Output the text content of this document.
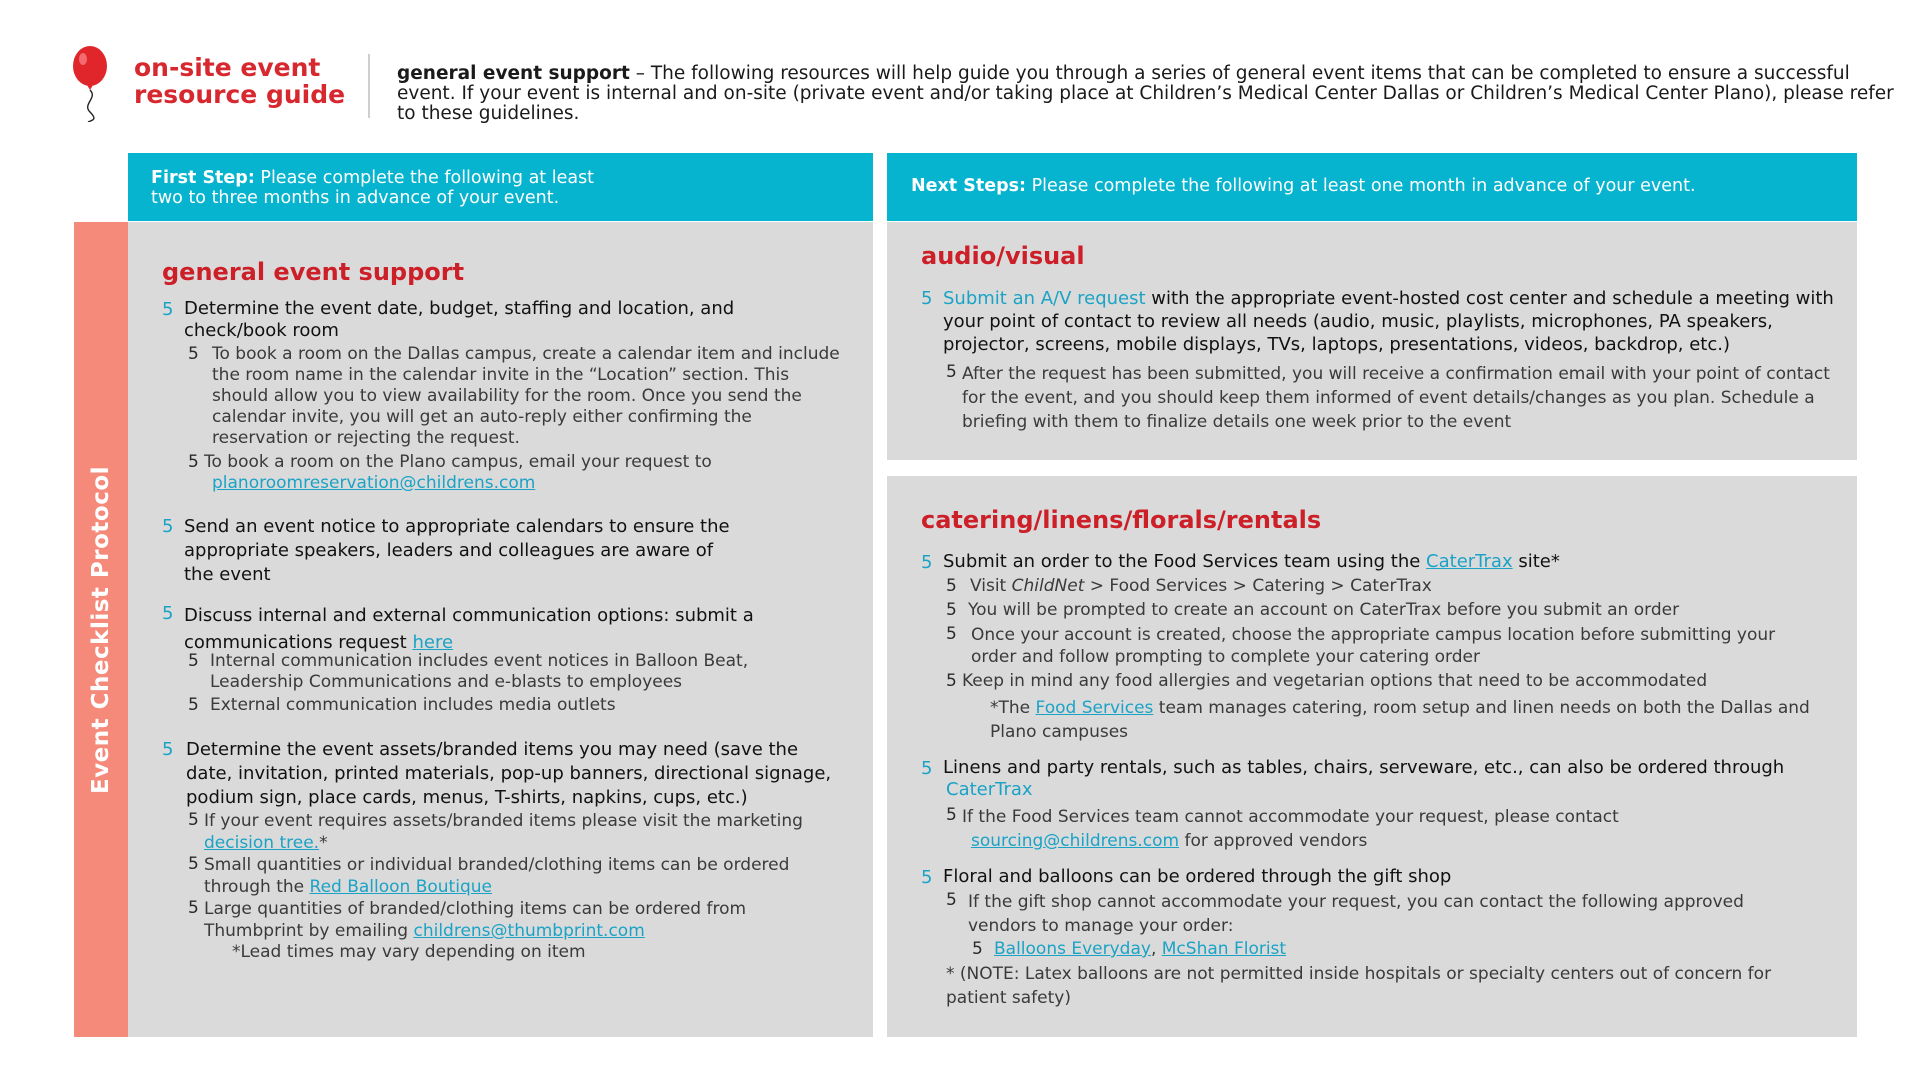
on-site event
resource guide
general event support – The following resources will help guide you through a series of general event items that can be completed to ensure a successful event. If your event is internal and on-site (private event and/or taking place at Children’s Medical Center Dallas or Children’s Medical Center Plano), please refer to these guidelines.
First Step: Please complete the following at least
two to three months in advance of your event.
Next Steps: Please complete the following at least one month in advance of your event.
Event Checklist Protocol
general event support
5 Determine the event date, budget, staffing and location, and check/book room
5 To book a room on the Dallas campus, create a calendar item and include the room name in the calendar invite in the “Location” section. This should allow you to view availability for the room. Once you send the calendar invite, you will get an auto-reply either confirming the reservation or rejecting the request.
5 To book a room on the Plano campus, email your request to
planoroomreservation@childrens.com
5 Send an event notice to appropriate calendars to ensure the appropriate speakers, leaders and colleagues are aware of the event
5 Discuss internal and external communication options: submit a communications request here
5 Internal communication includes event notices in Balloon Beat, Leadership Communications and e-blasts to employees
5 External communication includes media outlets
5 Determine the event assets/branded items you may need (save the date, invitation, printed materials, pop-up banners, directional signage, podium sign, place cards, menus, T-shirts, napkins, cups, etc.)
5 If your event requires assets/branded items please visit the marketing decision tree.*
5 Small quantities or individual branded/clothing items can be ordered through the Red Balloon Boutique
5 Large quantities of branded/clothing items can be ordered from Thumbprint by emailing childrens@thumbprint.com
*Lead times may vary depending on item
audio/visual
5 Submit an A/V request with the appropriate event-hosted cost center and schedule a meeting with your point of contact to review all needs (audio, music, playlists, microphones, PA speakers, projector, screens, mobile displays, TVs, laptops, presentations, videos, backdrop, etc.)
5 After the request has been submitted, you will receive a confirmation email with your point of contact for the event, and you should keep them informed of event details/changes as you plan. Schedule a briefing with them to finalize details one week prior to the event
catering/linens/florals/rentals
5 Submit an order to the Food Services team using the CaterTrax site*
5 Visit ChildNet > Food Services > Catering > CaterTrax
5 You will be prompted to create an account on CaterTrax before you submit an order
5 Once your account is created, choose the appropriate campus location before submitting your order and follow prompting to complete your catering order
5 Keep in mind any food allergies and vegetarian options that need to be accommodated
*The Food Services team manages catering, room setup and linen needs on both the Dallas and Plano campuses
5 Linens and party rentals, such as tables, chairs, serveware, etc., can also be ordered through
CaterTrax
5 If the Food Services team cannot accommodate your request, please contact
sourcing@childrens.com for approved vendors
5 Floral and balloons can be ordered through the gift shop
5 If the gift shop cannot accommodate your request, you can contact the following approved vendors to manage your order:
5 Balloons Everyday, McShan Florist
* (NOTE: Latex balloons are not permitted inside hospitals or specialty centers out of concern for patient safety)
